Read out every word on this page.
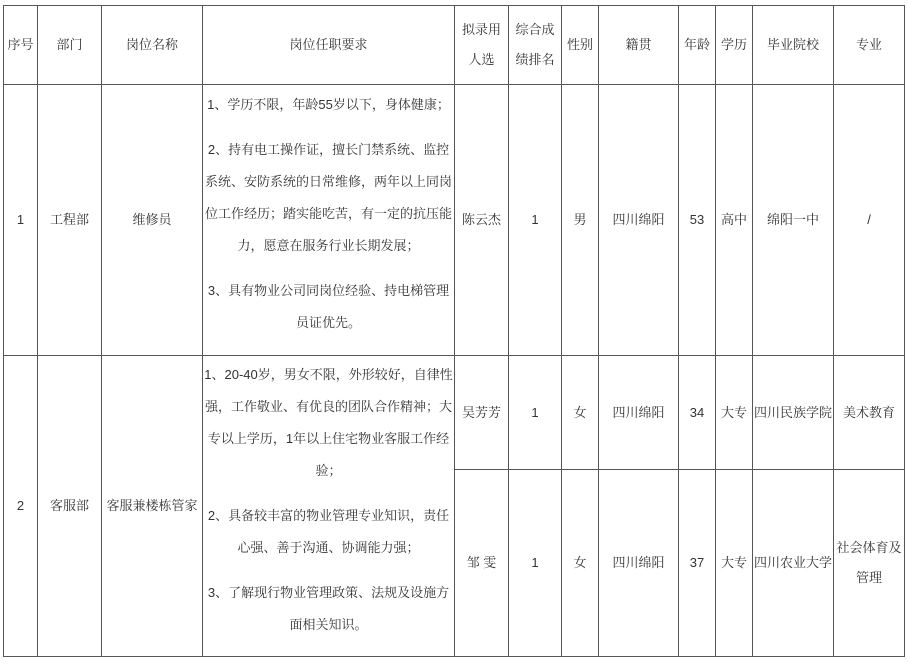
序号	部门	岗位名称	岗位任职要求	拟录用人选	综合成绩排名	性别	籍贯	年龄	学历	毕业院校	专业
1	工程部	维修员	1、学历不限，年龄55岁以下，身体健康；

2、持有电工操作证，擅长门禁系统、监控系统、安防系统的日常维修，两年以上同岗位工作经历；踏实能吃苦，有一定的抗压能力，愿意在服务行业长期发展；

3、具有物业公司同岗位经验、持电梯管理员证优先。	陈云杰	1	男	四川绵阳	53	高中	绵阳一中	/
2	客服部	客服兼楼栋管家	1、20-40岁，男女不限，外形较好，自律性强，工作敬业、有优良的团队合作精神；大专以上学历，1年以上住宅物业客服工作经验；

2、具备较丰富的物业管理专业知识，责任心强、善于沟通、协调能力强；

3、了解现行物业管理政策、法规及设施方面相关知识。	吴芳芳	1	女	四川绵阳	34	大专	四川民族学院	美术教育
				邹 雯	1	女	四川绵阳	37	大专	四川农业大学	社会体育及管理
